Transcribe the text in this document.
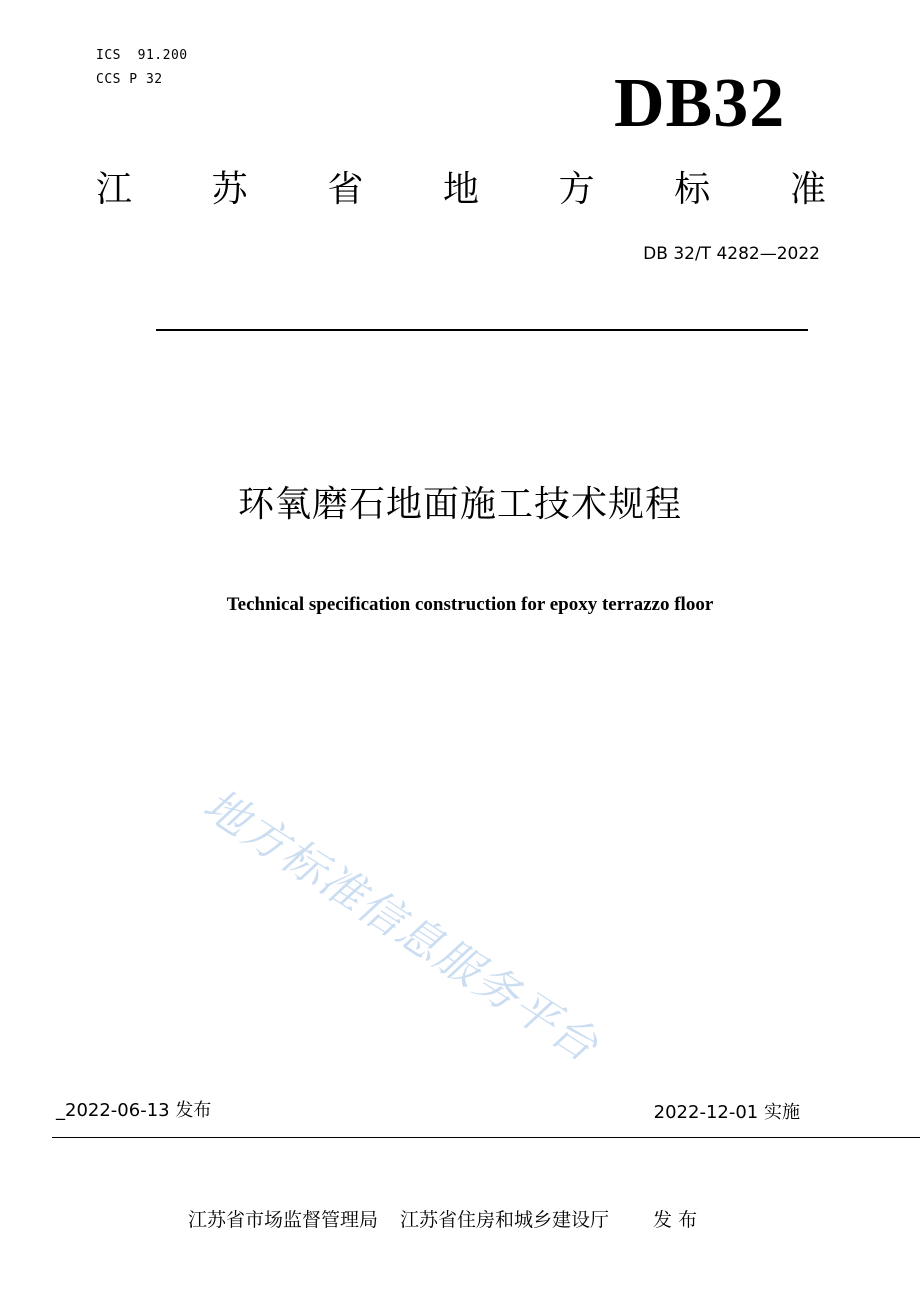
ICS  91.200
CCS P 32	DB32
江 苏 省 地 方 标 准
DB 32/T 4282—2022
环氧磨石地面施工技术规程
Technical specification construction for epoxy terrazzo floor
地方标准信息服务平台
_2022-06-13 发布	2022-12-01 实施
江苏省市场监督管理局 江苏省住房和城乡建设厅 发 布
